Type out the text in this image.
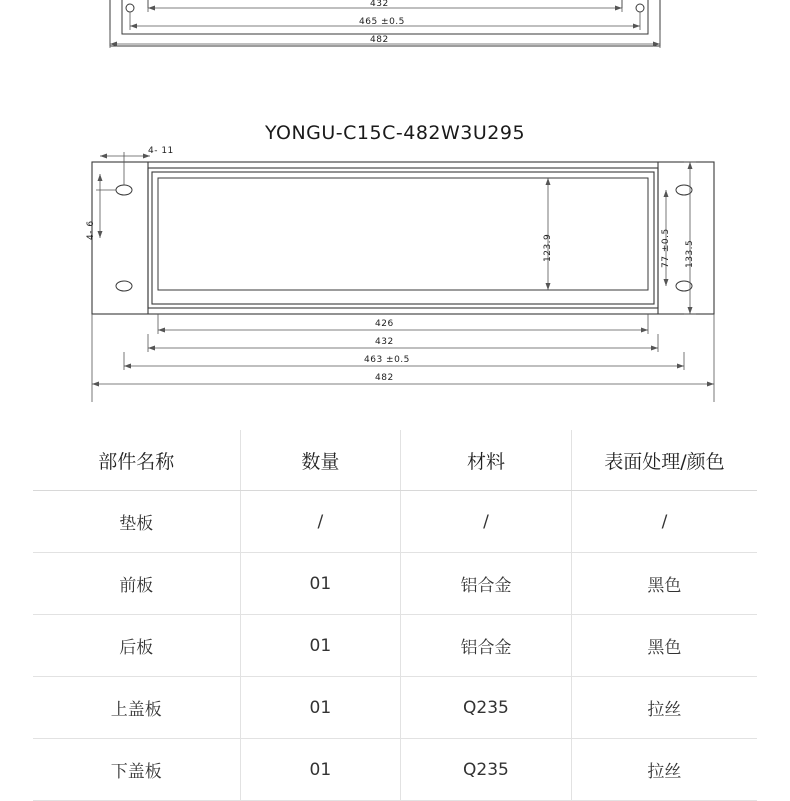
432
465 ±0.5
482
YONGU-C15C-482W3U295
4- 11
4- 6
123.9	77 ±0.5 133.5
426
432
463 ±0.5
482
部件名称	数量	材料	表面处理/颜色
垫板	/	/	/
前板	01	铝合金	黑色
后板	01	铝合金	黑色
上盖板	01	Q235	拉丝
下盖板	01	Q235	拉丝
